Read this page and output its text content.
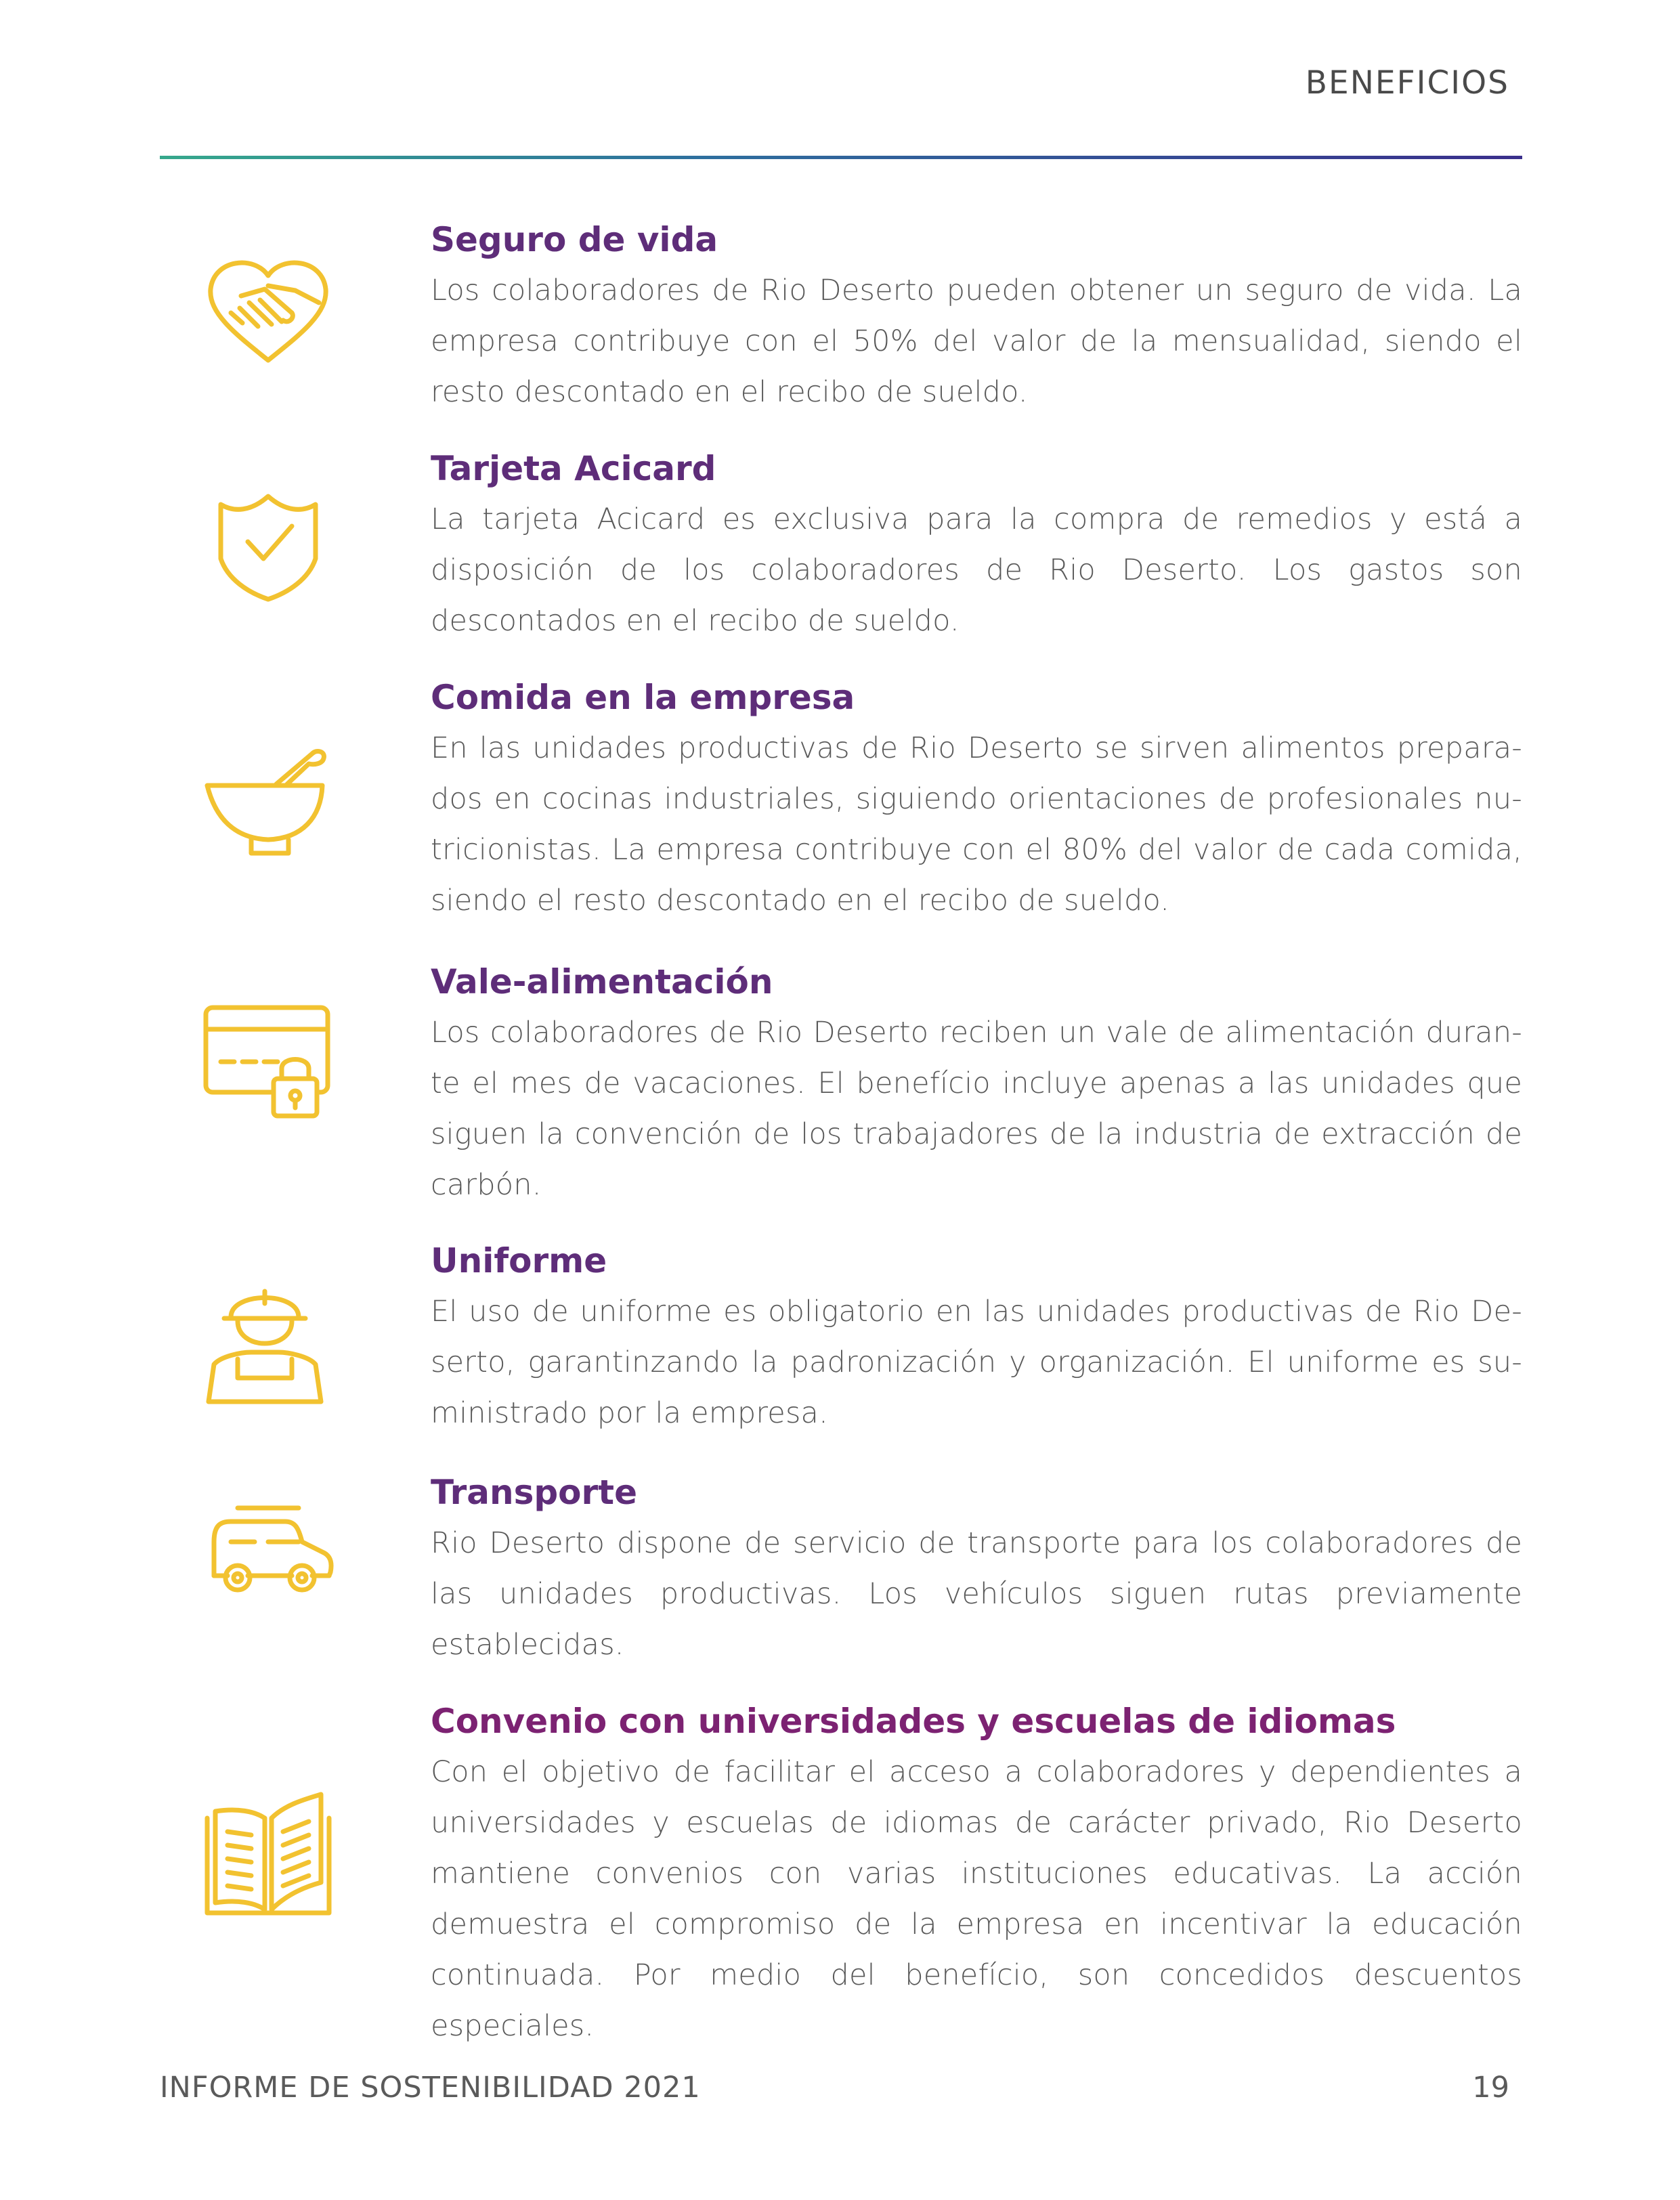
BENEFICIOS
Seguro de vida

Los colaboradores de Rio Deserto pueden obtener un seguro de vida. La empresa contribuye con el 50% del valor de la mensualidad, siendo el resto descontado en el recibo de sueldo.

Tarjeta Acicard

La tarjeta Acicard es exclusiva para la compra de remedios y está a disposición de los colaboradores de Rio Deserto. Los gastos son descontados en el recibo de sueldo.

Comida en la empresa

En las unidades productivas de Rio Deserto se sirven alimentos prepara-dos en cocinas industriales, siguiendo orientaciones de profesionales nu-tricionistas. La empresa contribuye con el 80% del valor de cada comida, siendo el resto descontado en el recibo de sueldo.

Vale-alimentación

Los colaboradores de Rio Deserto reciben un vale de alimentación duran-te el mes de vacaciones. El benefício incluye apenas a las unidades que siguen la convención de los trabajadores de la industria de extracción de carbón.

Uniforme

El uso de uniforme es obligatorio en las unidades productivas de Rio De-serto, garantinzando la padronización y organización. El uniforme es su-ministrado por la empresa.

Transporte

Rio Deserto dispone de servicio de transporte para los colaboradores de las unidades productivas. Los vehículos siguen rutas previamente establecidas.

Convenio con universidades y escuelas de idiomas

Con el objetivo de facilitar el acceso a colaboradores y dependientes a universidades y escuelas de idiomas de carácter privado, Rio Deserto mantiene convenios con varias instituciones educativas. La acción demuestra el compromiso de la empresa en incentivar la educación continuada. Por medio del benefício, son concedidos descuentos especiales.

INFORME DE SOSTENIBILIDAD 2021	19
